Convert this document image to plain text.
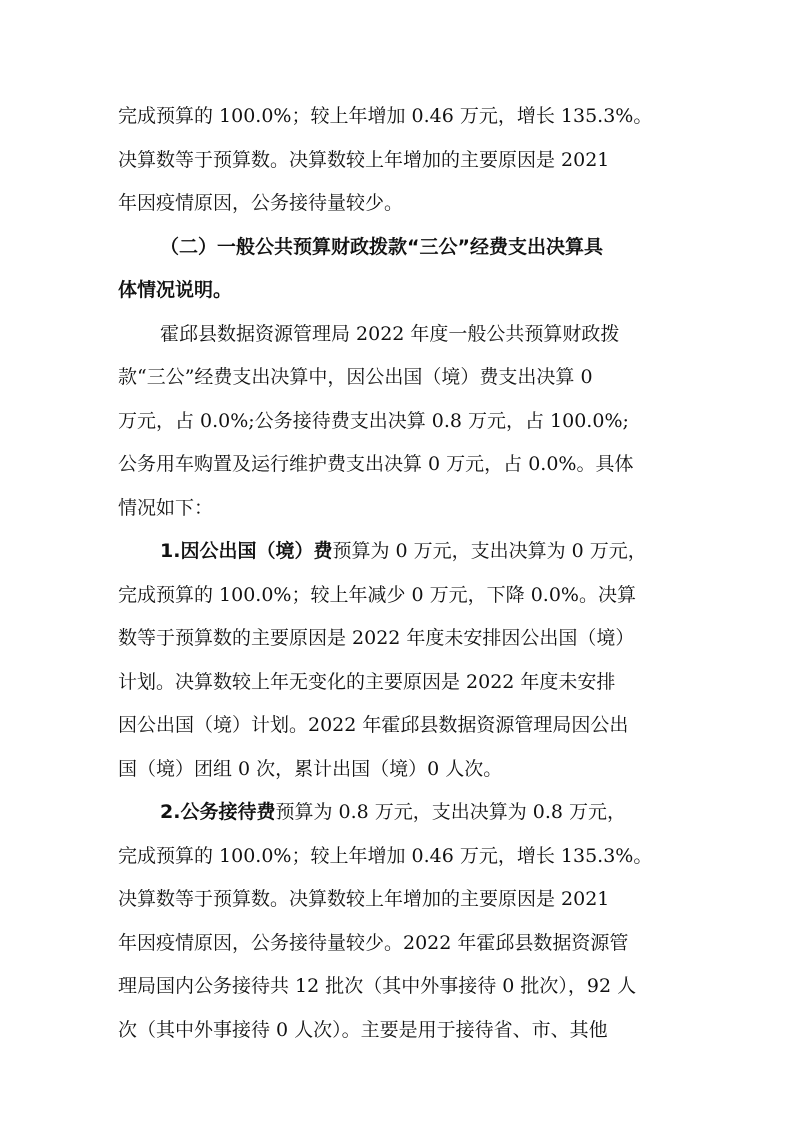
完成预算的 100.0%；较上年增加 0.46 万元，增长 135.3%。
决算数等于预算数。决算数较上年增加的主要原因是 2021
年因疫情原因，公务接待量较少。
（二）一般公共预算财政拨款“三公”经费支出决算具
体情况说明。
霍邱县数据资源管理局 2022 年度一般公共预算财政拨
款“三公”经费支出决算中，因公出国（境）费支出决算 0
万元，占 0.0%;公务接待费支出决算 0.8 万元，占 100.0%;
公务用车购置及运行维护费支出决算 0 万元，占 0.0%。具体
情况如下：
1.因公出国（境）费预算为 0 万元，支出决算为 0 万元，
完成预算的 100.0%；较上年减少 0 万元，下降 0.0%。决算
数等于预算数的主要原因是 2022 年度未安排因公出国（境）
计划。决算数较上年无变化的主要原因是 2022 年度未安排
因公出国（境）计划。2022 年霍邱县数据资源管理局因公出
国（境）团组 0 次，累计出国（境）0 人次。
2.公务接待费预算为 0.8 万元，支出决算为 0.8 万元，
完成预算的 100.0%；较上年增加 0.46 万元，增长 135.3%。
决算数等于预算数。决算数较上年增加的主要原因是 2021
年因疫情原因，公务接待量较少。2022 年霍邱县数据资源管
理局国内公务接待共 12 批次（其中外事接待 0 批次），92 人
次（其中外事接待 0 人次）。主要是用于接待省、市、其他
